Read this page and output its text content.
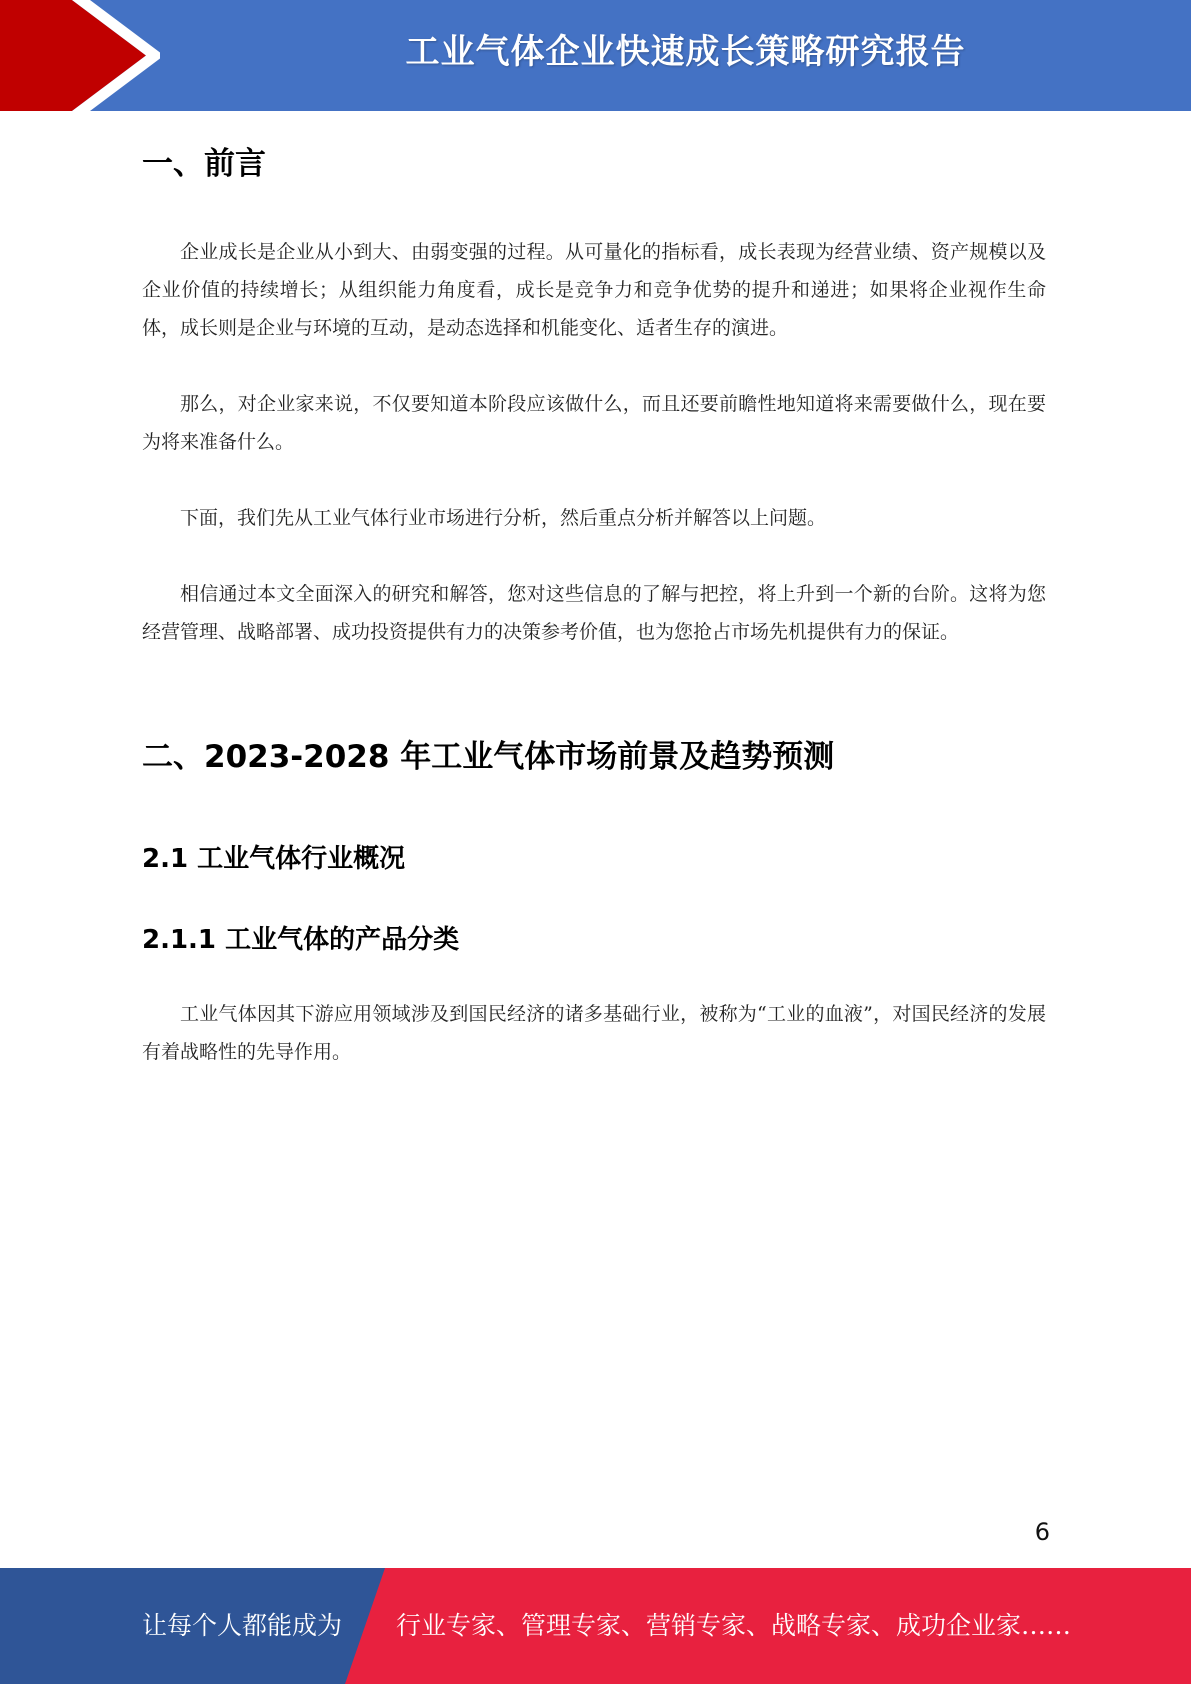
工业气体企业快速成长策略研究报告
一、前言

企业成长是企业从小到大、由弱变强的过程。从可量化的指标看，成长表现为经营业绩、资产规模以及企业价值的持续增长；从组织能力角度看，成长是竞争力和竞争优势的提升和递进；如果将企业视作生命体，成长则是企业与环境的互动，是动态选择和机能变化、适者生存的演进。

那么，对企业家来说，不仅要知道本阶段应该做什么，而且还要前瞻性地知道将来需要做什么，现在要为将来准备什么。

下面，我们先从工业气体行业市场进行分析，然后重点分析并解答以上问题。

相信通过本文全面深入的研究和解答，您对这些信息的了解与把控，将上升到一个新的台阶。这将为您经营管理、战略部署、成功投资提供有力的决策参考价值，也为您抢占市场先机提供有力的保证。

二、2023-2028 年工业气体市场前景及趋势预测
2.1 工业气体行业概况
2.1.1 工业气体的产品分类

工业气体因其下游应用领域涉及到国民经济的诸多基础行业，被称为“工业的血液”，对国民经济的发展有着战略性的先导作用。

6
让每个人都能成为 行业专家、管理专家、营销专家、战略专家、成功企业家……
